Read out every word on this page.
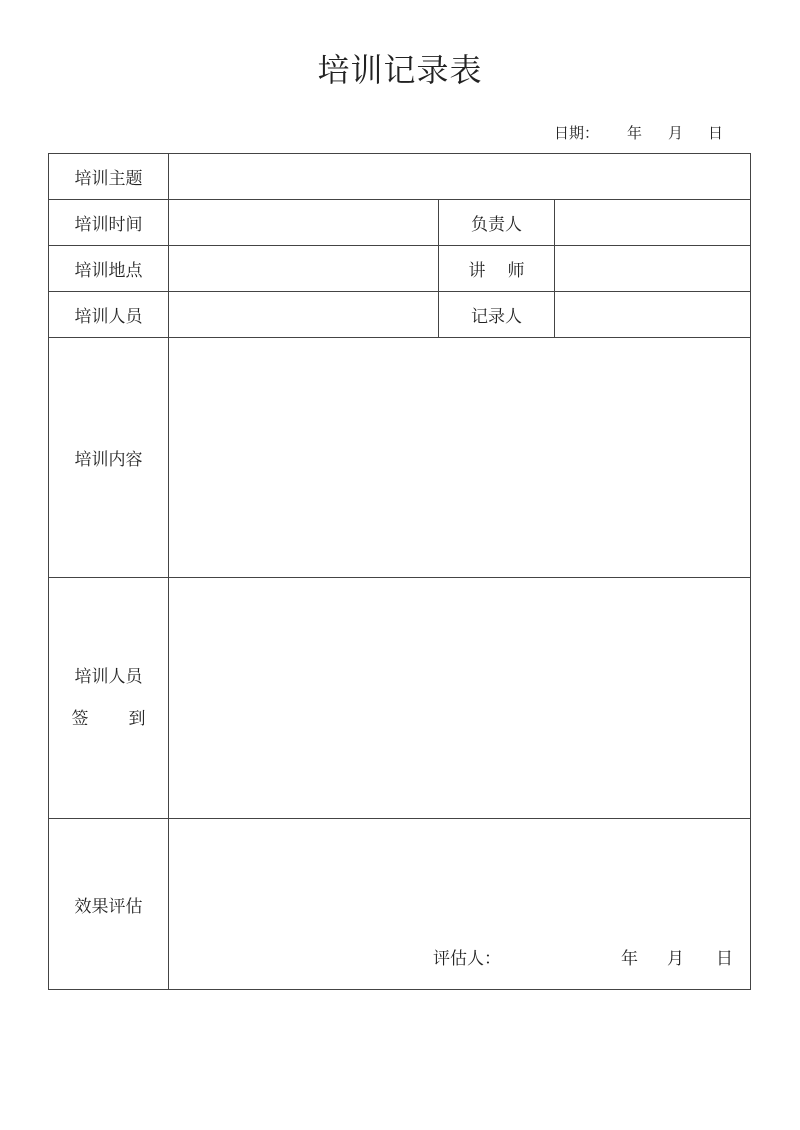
培训记录表
日期： 年 月 日
培训主题			
培训时间		负责人	
培训地点		讲 师	
培训人员		记录人	
培训内容			

培训人员
签 到			

效果评估	评估人： 年 月 日		
